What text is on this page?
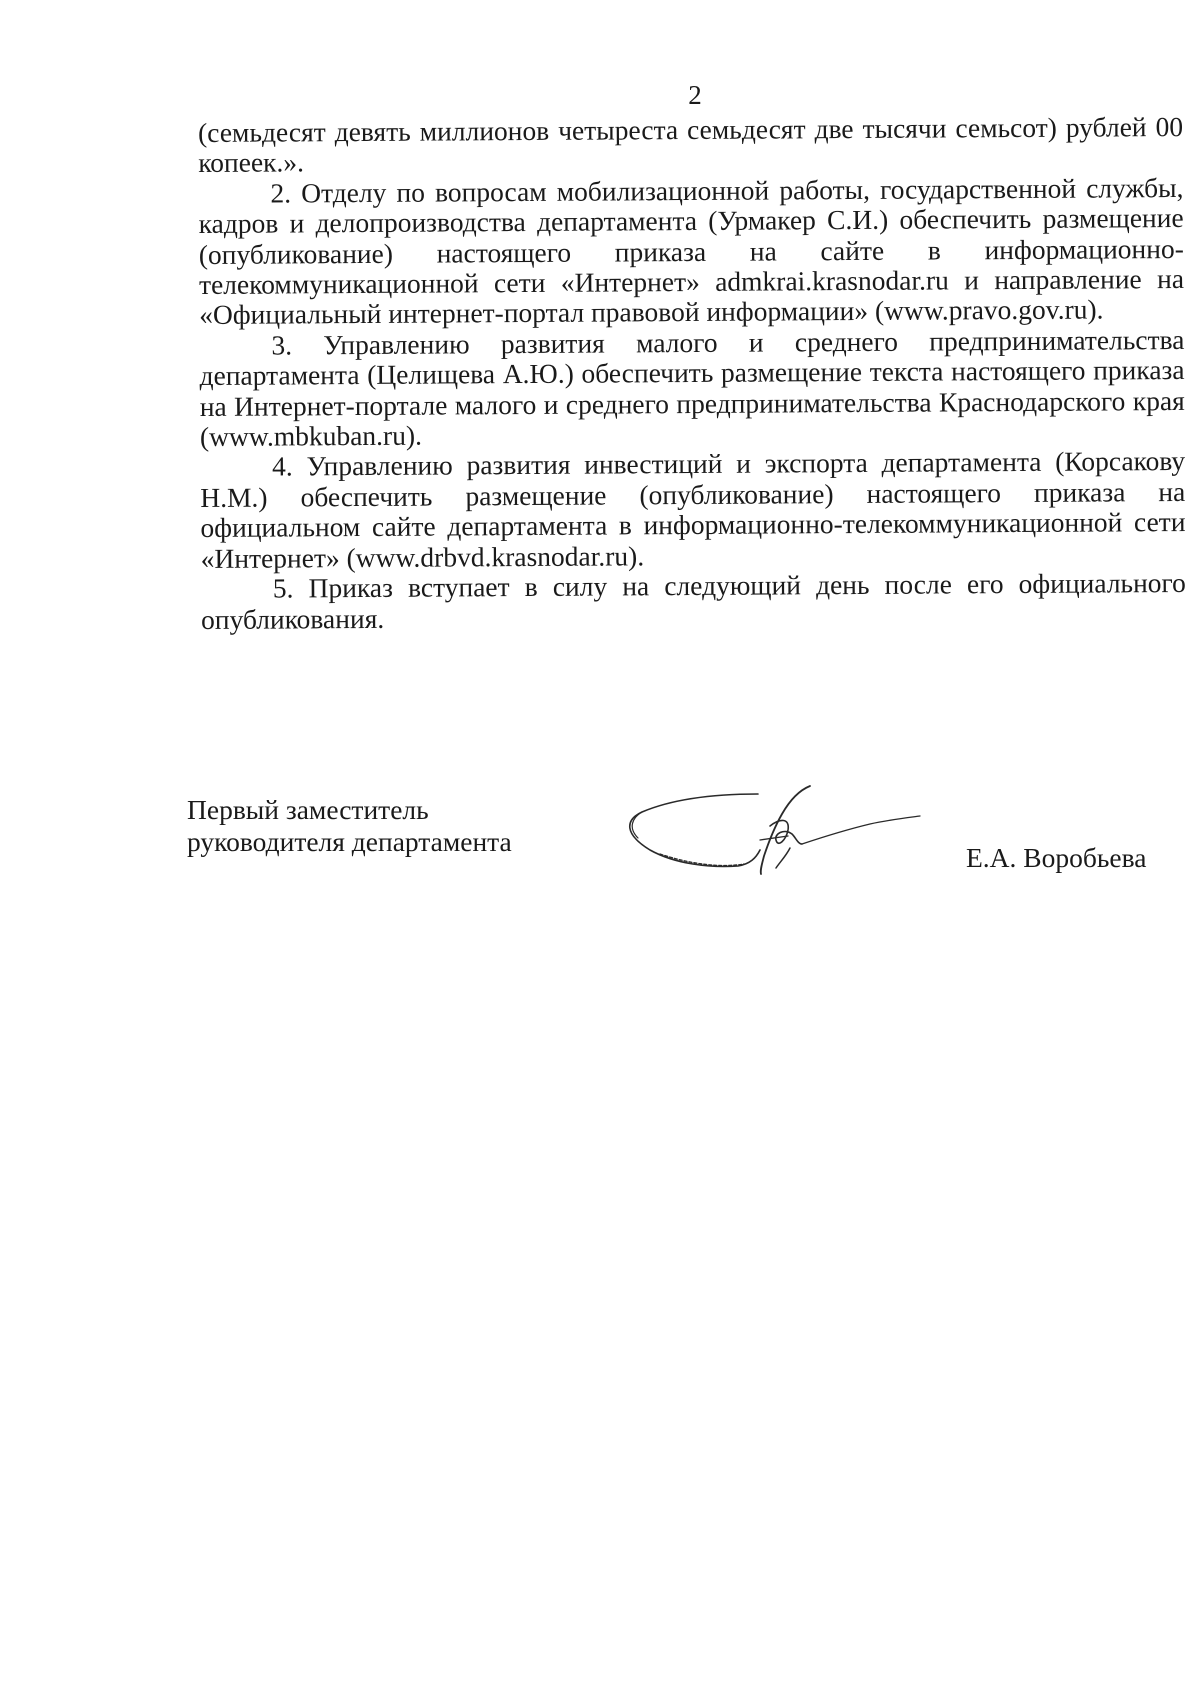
2

(семьдесят девять миллионов четыреста семьдесят две тысячи семьсот) рублей 00 копеек.».

2. Отделу по вопросам мобилизационной работы, государственной службы, кадров и делопроизводства департамента (Урмакер С.И.) обеспечить размещение (опубликование) настоящего приказа на сайте в информационно-телекоммуникационной сети «Интернет» admkrai.krasnodar.ru и направление на «Официальный интернет-портал правовой информации» (www.pravo.gov.ru).

3. Управлению развития малого и среднего предпринимательства департамента (Целищева А.Ю.) обеспечить размещение текста настоящего приказа на Интернет-портале малого и среднего предпринимательства Краснодарского края (www.mbkuban.ru).

4. Управлению развития инвестиций и экспорта департамента (Корсакову Н.М.) обеспечить размещение (опубликование) настоящего приказа на официальном сайте департамента в информационно-телекоммуникационной сети «Интернет» (www.drbvd.krasnodar.ru).

5. Приказ вступает в силу на следующий день после его официального опубликования.

Первый заместитель
руководителя департамента
Е.А. Воробьева
